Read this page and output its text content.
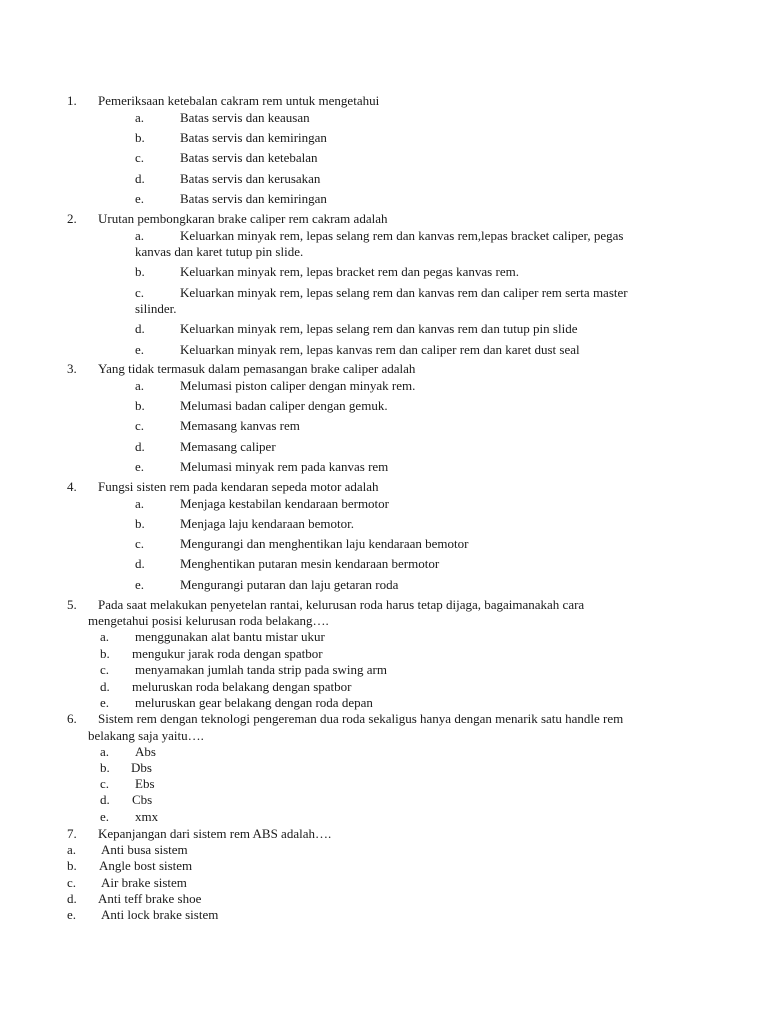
1. Pemeriksaan ketebalan cakram rem untuk mengetahui
a.	Batas servis dan keausan
b.	Batas servis dan kemiringan
c.	Batas servis dan ketebalan
d.	Batas servis dan kerusakan
e.	Batas servis dan kemiringan
2. Urutan pembongkaran brake caliper rem cakram adalah
a.	Keluarkan minyak rem, lepas selang rem dan kanvas rem,lepas bracket caliper, pegas
kanvas dan karet tutup pin slide.
b.	Keluarkan minyak rem, lepas bracket rem dan pegas kanvas rem.
c.	Keluarkan minyak rem, lepas selang rem dan kanvas rem dan caliper rem serta master
silinder.
d.	Keluarkan minyak rem, lepas selang rem dan kanvas rem dan tutup pin slide
e.	Keluarkan minyak rem, lepas kanvas rem dan caliper rem dan karet dust seal
3. Yang tidak termasuk dalam pemasangan brake caliper adalah
a.	Melumasi piston caliper dengan minyak rem.
b.	Melumasi badan caliper dengan gemuk.
c.	Memasang kanvas rem
d.	Memasang caliper
e.	Melumasi minyak rem pada kanvas rem
4. Fungsi sisten rem pada kendaran sepeda motor adalah
a.	Menjaga kestabilan kendaraan bermotor
b.	Menjaga laju kendaraan bemotor.
c.	Mengurangi dan menghentikan laju kendaraan bemotor
d.	Menghentikan putaran mesin kendaraan bermotor
e.	Mengurangi putaran dan laju getaran roda
5. Pada saat melakukan penyetelan rantai, kelurusan roda harus tetap dijaga, bagaimanakah cara
mengetahui posisi kelurusan roda belakang….
a. menggunakan alat bantu mistar ukur
b. mengukur jarak roda dengan spatbor
c. menyamakan jumlah tanda strip pada swing arm
d. meluruskan roda belakang dengan spatbor
e. meluruskan gear belakang dengan roda depan
6. Sistem rem dengan teknologi pengereman dua roda sekaligus hanya dengan menarik satu handle rem
belakang saja yaitu….
a. Abs
b. Dbs
c. Ebs
d. Cbs
e. xmx
7. Kepanjangan dari sistem rem ABS adalah….
a. Anti busa sistem
b. Angle bost sistem
c. Air brake sistem
d. Anti teff brake shoe
e. Anti lock brake sistem
